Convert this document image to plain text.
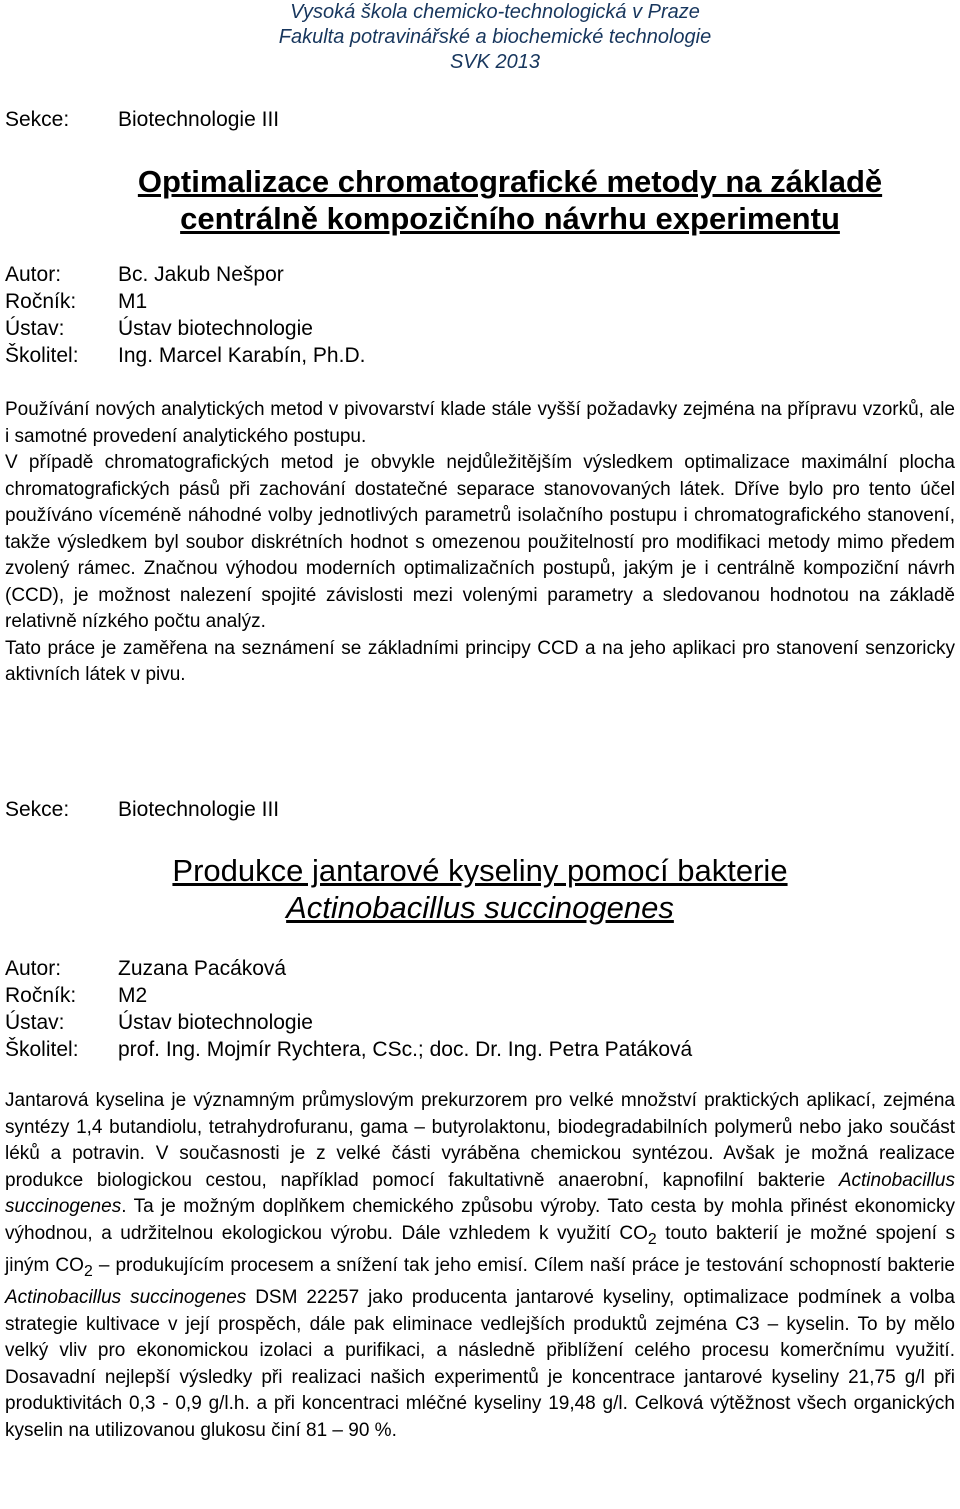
Vysoká škola chemicko-technologická v Praze
Fakulta potravinářské a biochemické technologie
SVK 2013
Sekce: Biotechnologie III
Optimalizace chromatografické metody na základě
centrálně kompozičního návrhu experimentu
Autor:	Bc. Jakub Nešpor
Ročník: M1
Ústav:	Ústav biotechnologie
Školitel: Ing. Marcel Karabín, Ph.D.

Používání nových analytických metod v pivovarství klade stále vyšší požadavky zejména na přípravu vzorků, ale i samotné provedení analytického postupu.

V případě chromatografických metod je obvykle nejdůležitějším výsledkem optimalizace maximální plocha chromatografických pásů při zachování dostatečné separace stanovovaných látek. Dříve bylo pro tento účel používáno víceméně náhodné volby jednotlivých parametrů isolačního postupu i chromatografického stanovení, takže výsledkem byl soubor diskrétních hodnot s omezenou použitelností pro modifikaci metody mimo předem zvolený rámec. Značnou výhodou moderních optimalizačních postupů, jakým je i centrálně kompoziční návrh (CCD), je možnost nalezení spojité závislosti mezi volenými parametry a sledovanou hodnotou na základě relativně nízkého počtu analýz.

Tato práce je zaměřena na seznámení se základními principy CCD a na jeho aplikaci pro stanovení senzoricky aktivních látek v pivu.

Sekce: Biotechnologie III
Produkce jantarové kyseliny pomocí bakterie
Actinobacillus succinogenes
Autor:	Zuzana Pacáková
Ročník: M2
Ústav:	Ústav biotechnologie
Školitel: prof. Ing. Mojmír Rychtera, CSc.; doc. Dr. Ing. Petra Patáková

Jantarová kyselina je významným průmyslovým prekurzorem pro velké množství praktických aplikací, zejména syntézy 1,4 butandiolu, tetrahydrofuranu, gama – butyrolaktonu, biodegradabilních polymerů nebo jako součást léků a potravin. V současnosti je z velké části vyráběna chemickou syntézou. Avšak je možná realizace produkce biologickou cestou, například pomocí fakultativně anaerobní, kapnofilní bakterie Actinobacillus succinogenes. Ta je možným doplňkem chemického způsobu výroby. Tato cesta by mohla přinést ekonomicky výhodnou, a udržitelnou ekologickou výrobu. Dále vzhledem k využití $CO_2$ touto bakterií je možné spojení s jiným $CO_2$ – produkujícím procesem a snížení tak jeho emisí. Cílem naší práce je testování schopností bakterie Actinobacillus succinogenes DSM 22257 jako producenta jantarové kyseliny, optimalizace podmínek a volba strategie kultivace v její prospěch, dále pak eliminace vedlejších produktů zejména C3 – kyselin. To by mělo velký vliv pro ekonomickou izolaci a purifikaci, a následně přiblížení celého procesu komerčnímu využití. Dosavadní nejlepší výsledky při realizaci našich experimentů je koncentrace jantarové kyseliny 21,75 g/l při produktivitách 0,3 - 0,9 g/l.h. a při koncentraci mléčné kyseliny 19,48 g/l. Celková výtěžnost všech organických kyselin na utilizovanou glukosu činí 81 – 90 %.
